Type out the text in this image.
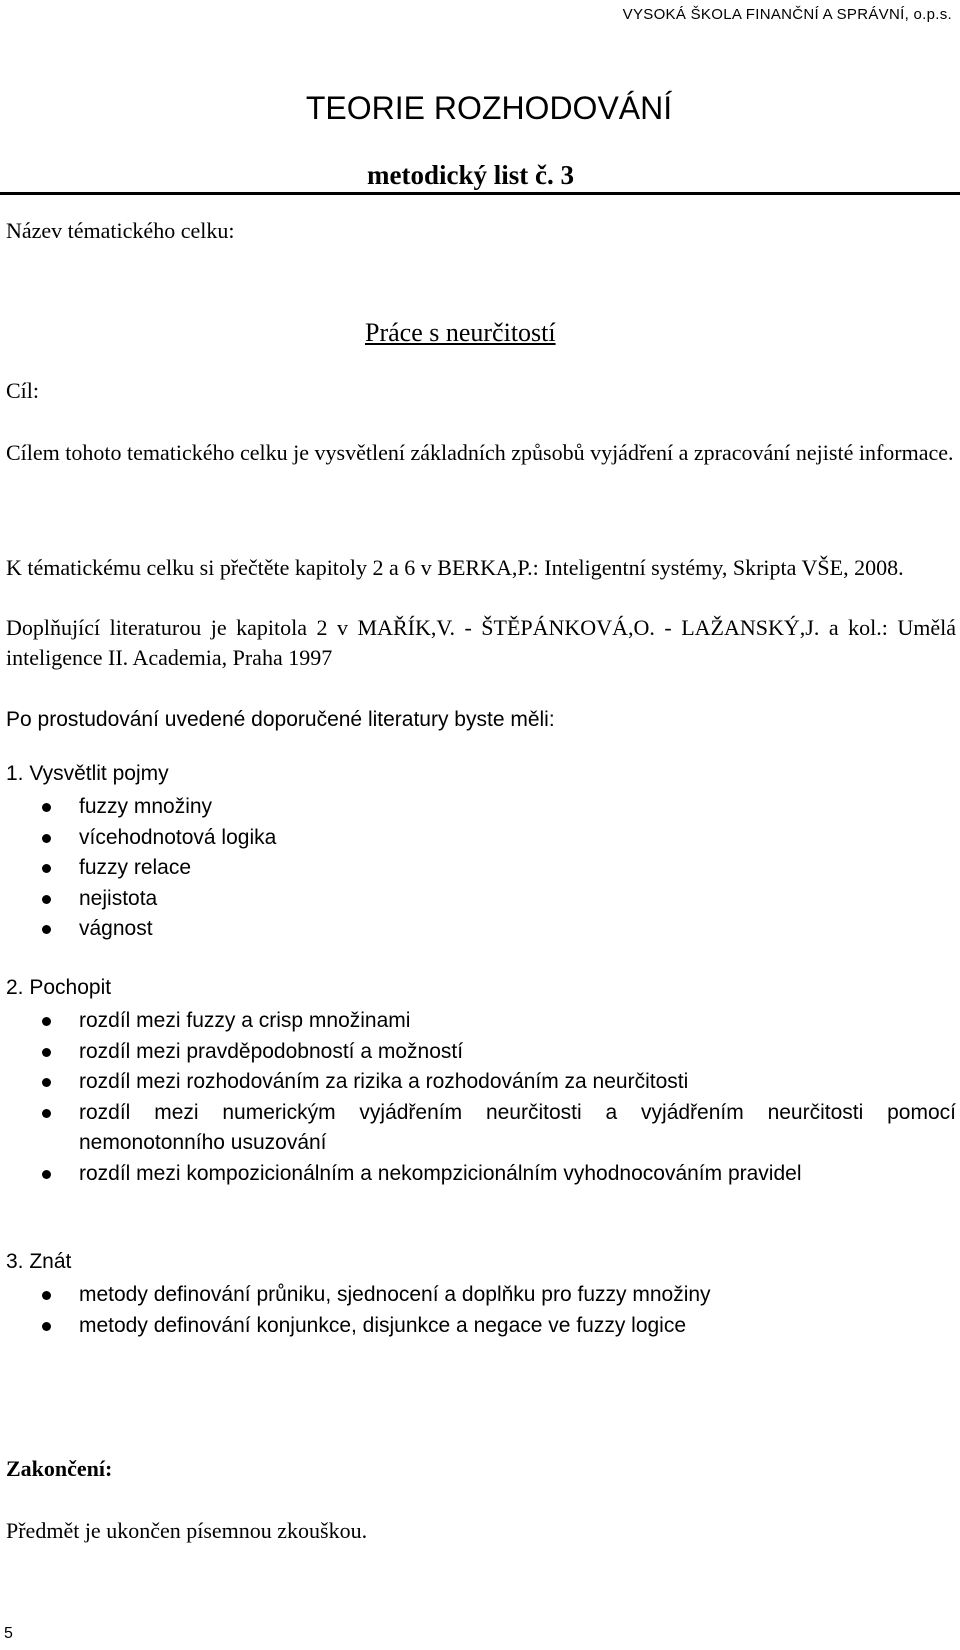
VYSOKÁ ŠKOLA FINANČNÍ A SPRÁVNÍ, o.p.s.
TEORIE ROZHODOVÁNÍ
metodický list č. 3
Název tématického celku:
Práce s neurčitostí
Cíl:
Cílem tohoto tematického celku je vysvětlení základních způsobů vyjádření a zpracování nejisté informace.
K tématickému celku si přečtěte kapitoly 2 a 6 v BERKA,P.: Inteligentní systémy, Skripta VŠE, 2008.
Doplňující literaturou je kapitola 2 v MAŘÍK,V. - ŠTĚPÁNKOVÁ,O. - LAŽANSKÝ,J. a kol.: Umělá inteligence II. Academia, Praha 1997
Po prostudování uvedené doporučené literatury byste měli:
1. Vysvětlit pojmy
fuzzy množiny
vícehodnotová logika
fuzzy relace
nejistota
vágnost
2. Pochopit
rozdíl mezi fuzzy a crisp množinami
rozdíl mezi pravděpodobností a možností
rozdíl mezi rozhodováním za rizika a rozhodováním za neurčitosti
rozdíl mezi numerickým vyjádřením neurčitosti a vyjádřením neurčitosti pomocí nemonotonního usuzování
rozdíl mezi kompozicionálním a nekompzicionálním vyhodnocováním pravidel
3. Znát
metody definování průniku, sjednocení a doplňku pro fuzzy množiny
metody definování konjunkce, disjunkce a negace ve fuzzy logice
Zakončení:
Předmět je ukončen písemnou zkouškou.
5
